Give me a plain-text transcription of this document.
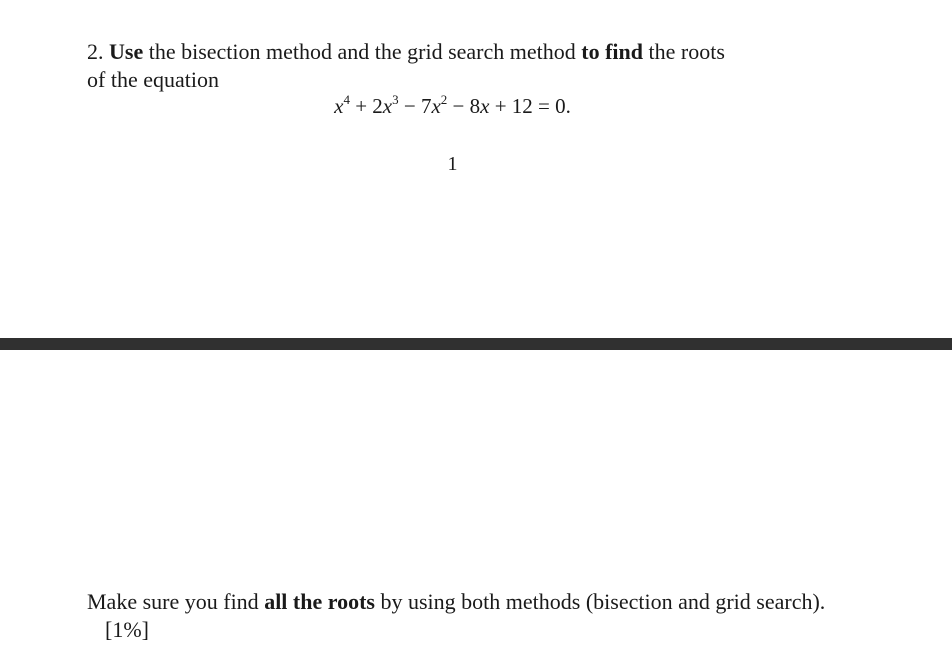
2. Use the bisection method and the grid search method to find the roots
of the equation
$x^4 + 2x^3 - 7x^2 - 8x + 12 = 0$.
1
Make sure you find all the roots by using both methods (bisection and grid search). [1%]
